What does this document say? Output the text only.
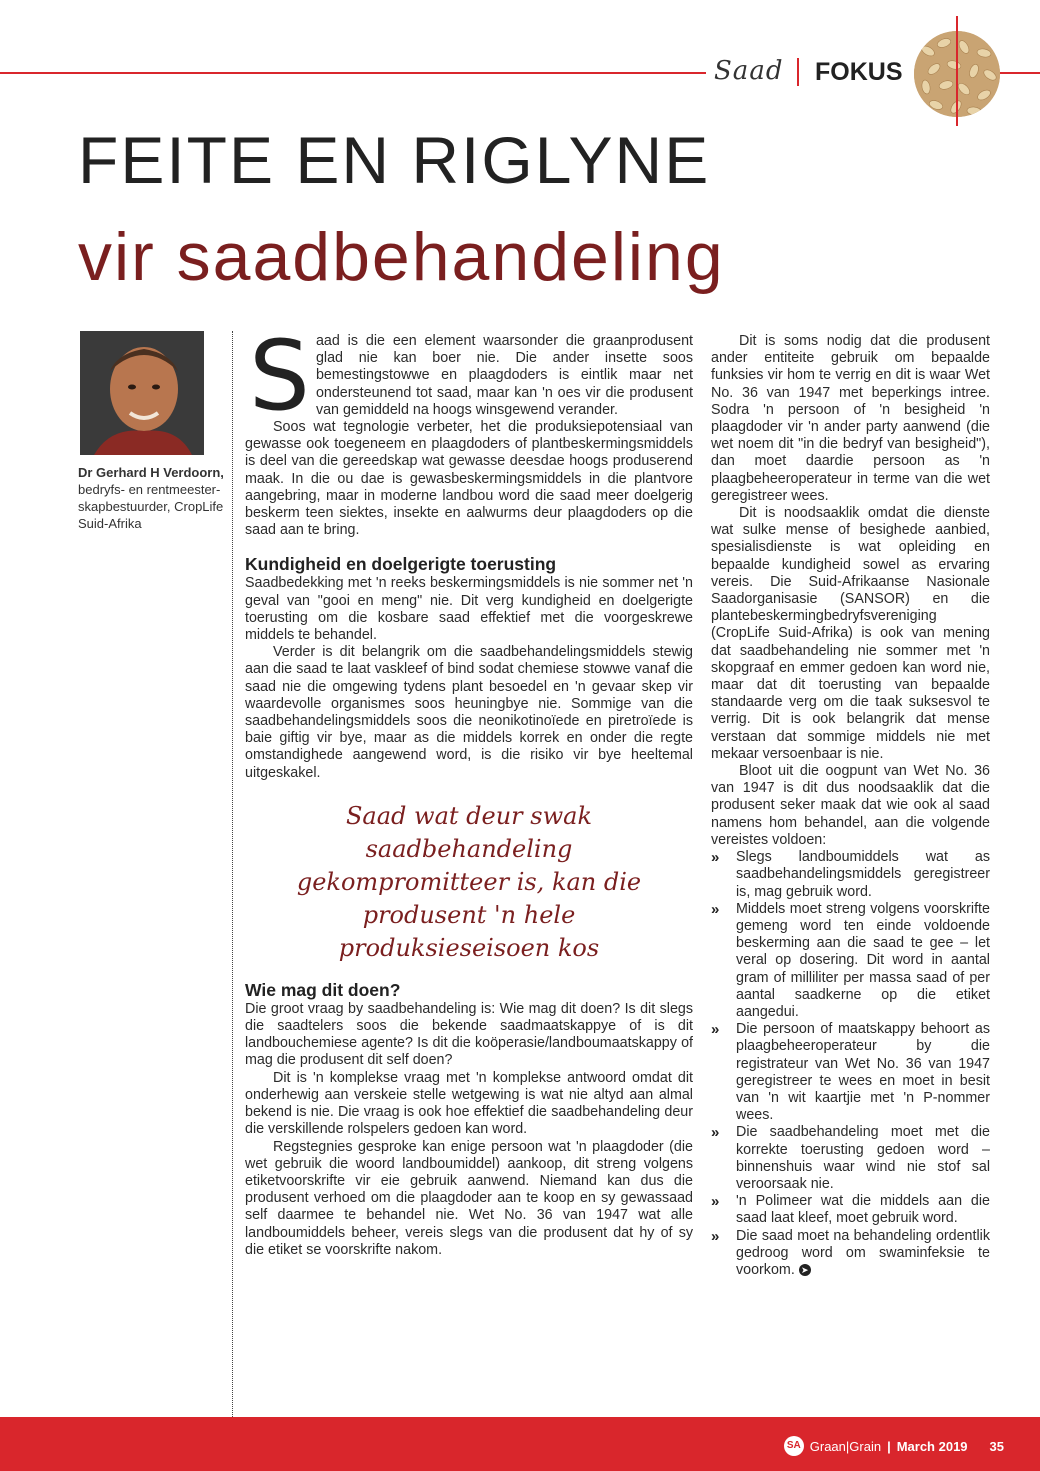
Saad FOKUS
FEITE EN RIGLYNE
vir saadbehandeling
Dr Gerhard H Verdoorn,
bedryfs- en rentmeester-skapbestuurder, CropLife Suid-Afrika

Saad is die een element waarsonder die graanprodusent glad nie kan boer nie. Die ander insette soos bemestingstowwe en plaagdoders is eintlik maar net ondersteunend tot saad, maar kan 'n oes vir die produsent van gemiddeld na hoogs winsgewend verander.

Soos wat tegnologie verbeter, het die produksiepotensiaal van gewasse ook toegeneem en plaagdoders of plantbeskermingsmiddels is deel van die gereedskap wat gewasse deesdae hoogs produserend maak. In die ou dae is gewasbeskermingsmiddels in die plantvore aangebring, maar in moderne landbou word die saad meer doelgerig beskerm teen siektes, insekte en aalwurms deur plaagdoders op die saad aan te bring.

Kundigheid en doelgerigte toerusting

Saadbedekking met 'n reeks beskermingsmiddels is nie sommer net 'n geval van "gooi en meng" nie. Dit verg kundigheid en doelgerigte toerusting om die kosbare saad effektief met die voorgeskrewe middels te behandel.

Verder is dit belangrik om die saadbehandelingsmiddels stewig aan die saad te laat vaskleef of bind sodat chemiese stowwe vanaf die saad nie die omgewing tydens plant besoedel en 'n gevaar skep vir waardevolle organismes soos heuningbye nie. Sommige van die saadbehandelingsmiddels soos die neonikotinoïede en piretroïede is baie giftig vir bye, maar as die middels korrek en onder die regte omstandighede aangewend word, is die risiko vir bye heeltemal uitgeskakel.

Saad wat deur swak saadbehandeling gekompromitteer is, kan die produsent 'n hele produksieseisoen kos
Wie mag dit doen?

Die groot vraag by saadbehandeling is: Wie mag dit doen? Is dit slegs die saadtelers soos die bekende saadmaatskappye of is dit landbouchemiese agente? Is dit die koöperasie/landboumaatskappy of mag die produsent dit self doen?

Dit is 'n komplekse vraag met 'n komplekse antwoord omdat dit onderhewig aan verskeie stelle wetgewing is wat nie altyd aan almal bekend is nie. Die vraag is ook hoe effektief die saadbehandeling deur die verskillende rolspelers gedoen kan word.

Regstegnies gesproke kan enige persoon wat 'n plaagdoder (die wet gebruik die woord landboumiddel) aankoop, dit streng volgens etiketvoorskrifte vir eie gebruik aanwend. Niemand kan dus die produsent verhoed om die plaagdoder aan te koop en sy gewassaad self daarmee te behandel nie. Wet No. 36 van 1947 wat alle landboumiddels beheer, vereis slegs van die produsent dat hy of sy die etiket se voorskrifte nakom.

Dit is soms nodig dat die produsent ander entiteite gebruik om bepaalde funksies vir hom te verrig en dit is waar Wet No. 36 van 1947 met beperkings intree. Sodra 'n persoon of 'n besigheid 'n plaagdoder vir 'n ander party aanwend (die wet noem dit "in die bedryf van besigheid"), dan moet daardie persoon as 'n plaagbeheeroperateur in terme van die wet geregistreer wees.

Dit is noodsaaklik omdat die dienste wat sulke mense of besighede aanbied, spesialisdienste is wat opleiding en bepaalde kundigheid sowel as ervaring vereis. Die Suid-Afrikaanse Nasionale Saadorganisasie (SANSOR) en die plantebeskermingbedryfsvereniging (CropLife Suid-Afrika) is ook van mening dat saadbehandeling nie sommer met 'n skopgraaf en emmer gedoen kan word nie, maar dat dit toerusting van bepaalde standaarde verg om die taak suksesvol te verrig. Dit is ook belangrik dat mense verstaan dat sommige middels nie met mekaar versoenbaar is nie.

Bloot uit die oogpunt van Wet No. 36 van 1947 is dit dus noodsaaklik dat die produsent seker maak dat wie ook al saad namens hom behandel, aan die volgende vereistes voldoen:

» Slegs landboumiddels wat as saadbehandelingsmiddels geregistreer is, mag gebruik word.
» Middels moet streng volgens voorskrifte gemeng word ten einde voldoende beskerming aan die saad te gee – let veral op dosering. Dit word in aantal gram of milliliter per massa saad of per aantal saadkerne op die etiket aangedui.
» Die persoon of maatskappy behoort as plaagbeheeroperateur by die registrateur van Wet No. 36 van 1947 geregistreer te wees en moet in besit van 'n wit kaartjie met 'n P-nommer wees.
» Die saadbehandeling moet met die korrekte toerusting gedoen word – binnenshuis waar wind nie stof sal veroorsaak nie.
» 'n Polimeer wat die middels aan die saad laat kleef, moet gebruik word.
» Die saad moet na behandeling ordentlik gedroog word om swaminfeksie te voorkom. ➤
SA Graan|Grain | March 2019 35
